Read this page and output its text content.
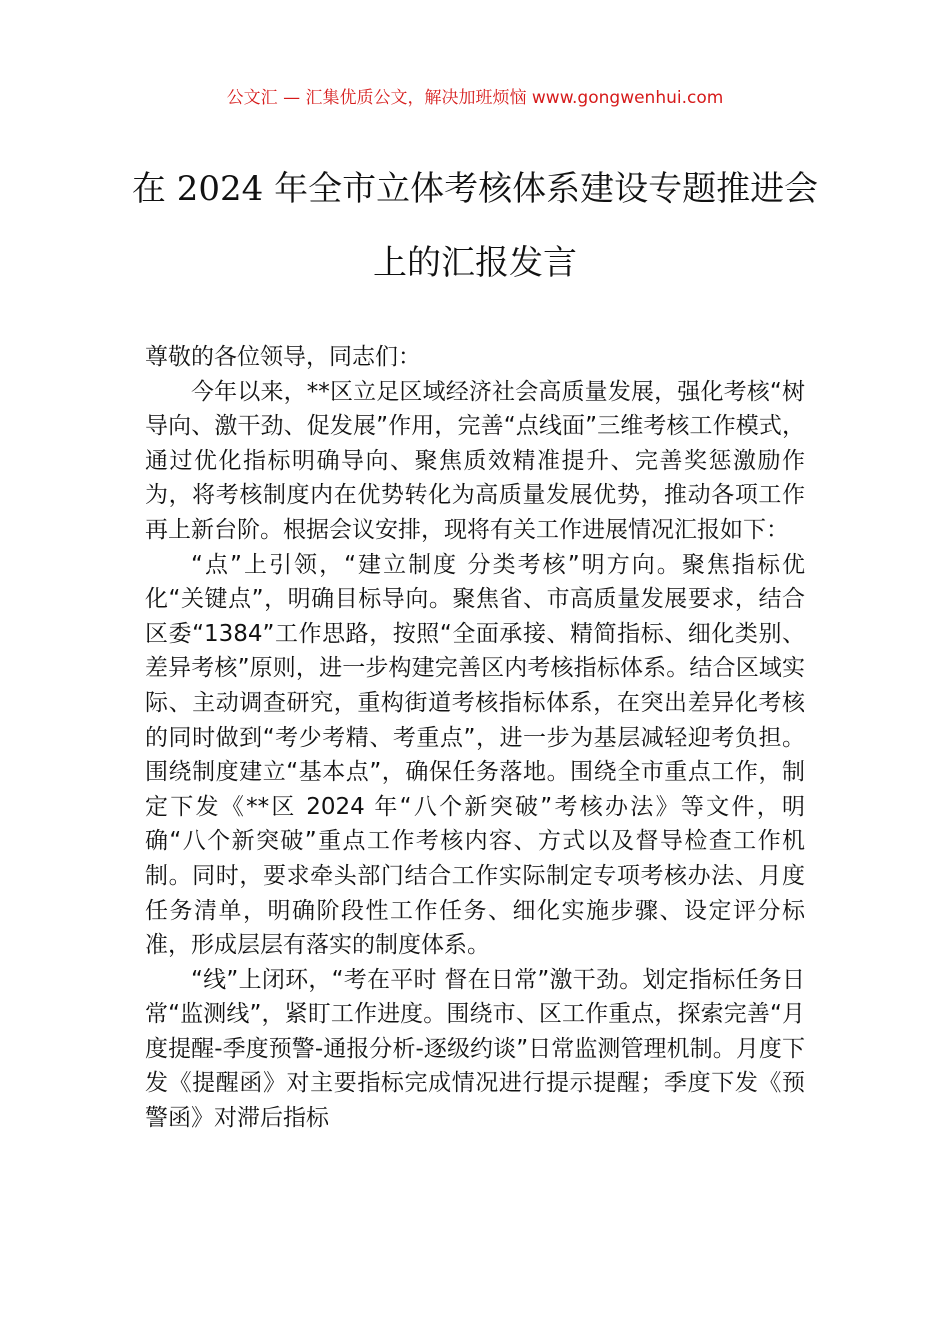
公文汇 — 汇集优质公文，解决加班烦恼 www.gongwenhui.com
在 2024 年全市立体考核体系建设专题推进会上的汇报发言

尊敬的各位领导，同志们：

今年以来，**区立足区域经济社会高质量发展，强化考核“树导向、激干劲、促发展”作用，完善“点线面”三维考核工作模式，通过优化指标明确导向、聚焦质效精准提升、完善奖惩激励作为，将考核制度内在优势转化为高质量发展优势，推动各项工作再上新台阶。根据会议安排，现将有关工作进展情况汇报如下：

“点”上引领，“建立制度 分类考核”明方向。聚焦指标优化“关键点”，明确目标导向。聚焦省、市高质量发展要求，结合区委“1384”工作思路，按照“全面承接、精简指标、细化类别、差异考核”原则，进一步构建完善区内考核指标体系。结合区域实际、主动调查研究，重构街道考核指标体系，在突出差异化考核的同时做到“考少考精、考重点”，进一步为基层减轻迎考负担。围绕制度建立“基本点”，确保任务落地。围绕全市重点工作，制定下发《**区 2024 年“八个新突破”考核办法》等文件，明确“八个新突破”重点工作考核内容、方式以及督导检查工作机制。同时，要求牵头部门结合工作实际制定专项考核办法、月度任务清单，明确阶段性工作任务、细化实施步骤、设定评分标准，形成层层有落实的制度体系。

“线”上闭环，“考在平时 督在日常”激干劲。划定指标任务日常“监测线”，紧盯工作进度。围绕市、区工作重点，探索完善“月度提醒-季度预警-通报分析-逐级约谈”日常监测管理机制。月度下发《提醒函》对主要指标完成情况进行提示提醒；季度下发《预警函》对滞后指标
